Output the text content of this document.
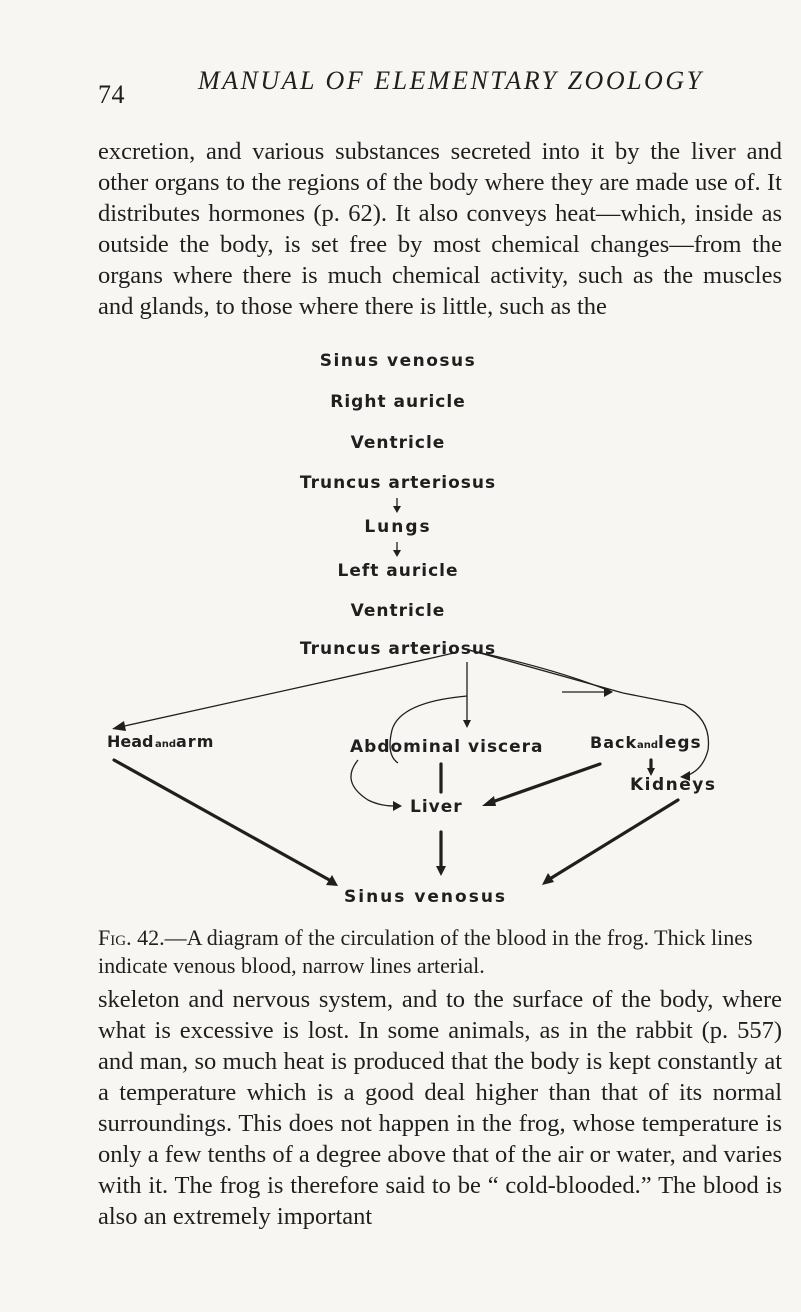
74	MANUAL OF ELEMENTARY ZOOLOGY

excretion, and various substances secreted into it by the liver and other organs to the regions of the body where they are made use of. It distributes hormones (p. 62). It also conveys heat—which, inside as outside the body, is set free by most chemical changes—from the organs where there is much chemical activity, such as the muscles and glands, to those where there is little, such as the

Sinus venosus
Right auricle
Ventricle
Truncus arteriosus
Lungs
Left auricle
Ventricle
Truncus arteriosus
Head and arm	Abdominal viscera	Back and legs
Liver
Kidneys
Sinus venosus

Fig. 42.—A diagram of the circulation of the blood in the frog. Thick lines indicate venous blood, narrow lines arterial.

skeleton and nervous system, and to the surface of the body, where what is excessive is lost. In some animals, as in the rabbit (p. 557) and man, so much heat is produced that the body is kept constantly at a temperature which is a good deal higher than that of its normal surroundings. This does not happen in the frog, whose temperature is only a few tenths of a degree above that of the air or water, and varies with it. The frog is therefore said to be “ cold-blooded.” The blood is also an extremely important
